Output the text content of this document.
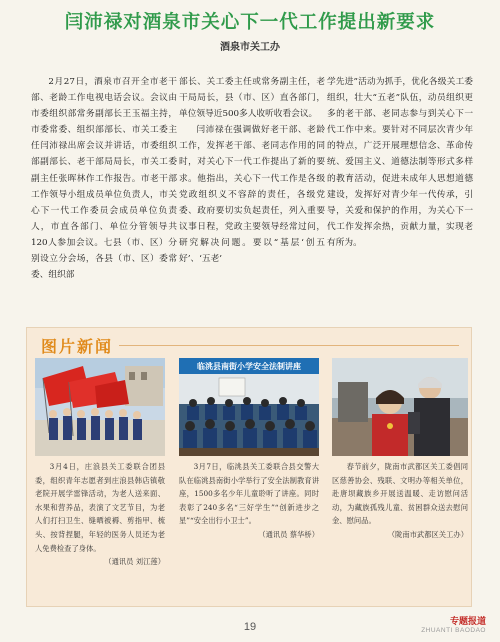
闫沛禄对酒泉市关心下一代工作提出新要求
酒泉市关工办

2月27日，酒泉市召开全市老干部、老龄工作电视电话会议。会议由市委组织部常务副部长王玉福主持，市委常委、组织部部长、市关工委主任闫沛禄出席会议并讲话，市委组织部副部长、老干部局局长，市关工委副主任张晖林作工作报告。市老干部工作领导小组成员单位负责人，市关心下一代工作委员会成员单位负责人，市直各部门、单位分管领导共120人参加会议。七县（市、区）分别设立分会场，各县（市、区）委常委、组织部

部长、关工委主任或常务副主任，老干局局长，县（市、区）直各部门，单位领导近500多人收听收看会议。

闫沛禄在强调做好老干部、老龄工作，发挥老干部、老同志作用的同时，对关心下一代工作提出了新的要求。他指出，关心下一代工作是各级党政组织义不容辞的责任，各级党委、政府要切实负起责任，列入重要议事日程，党政主要领导经常过问，研究解决问题。要以“基层‘创五好’、‘五老’

学先进”活动为抓手，优化各级关工委组织，壮大“五老”队伍，动员组织更多的老干部、老同志参与到关心下一代工作中来。要针对不同层次青少年的特点，广泛开展理想信念、革命传统、爱国主义、道德法制等形式多样的教育活动，促进未成年人思想道德建设，发挥好对青少年一代传承，引导，关爱和保护的作用，为关心下一代工作发挥余热，贡献力量，实现老有所为。

图片新闻
临洮县南街小学安全法制讲座

3月4日，庄浪县关工委联合团县委，组织青年志愿者到庄浪县韩店镇敬老院开展学雷锋活动，为老人送来面、水果和营养品，表演了文艺节目，为老人们打扫卫生、缝晒被褥、剪指甲、梳头、按背捏腿，年轻的医务人员还为老人免费检查了身体。

（通讯员 刘江莲）

3月7日，临洮县关工委联合县交警大队在临洮县南街小学举行了安全法制教育讲座，1500多名少年儿童聆听了讲座。同时表彰了240多名“三好学生”“创新进步之星”“安全出行小卫士”。

（通讯员 蔡华桥）

春节前夕，陇南市武都区关工委倡同区慈善协会、残联、文明办等相关单位，赴唐坝藏族乡开展送温暖、走访慰问活动，为藏族孤残儿童、贫困群众送去慰问金、慰问品。

（陇南市武都区关工办）
19	专题报道
ZHUANTI BAODAO
